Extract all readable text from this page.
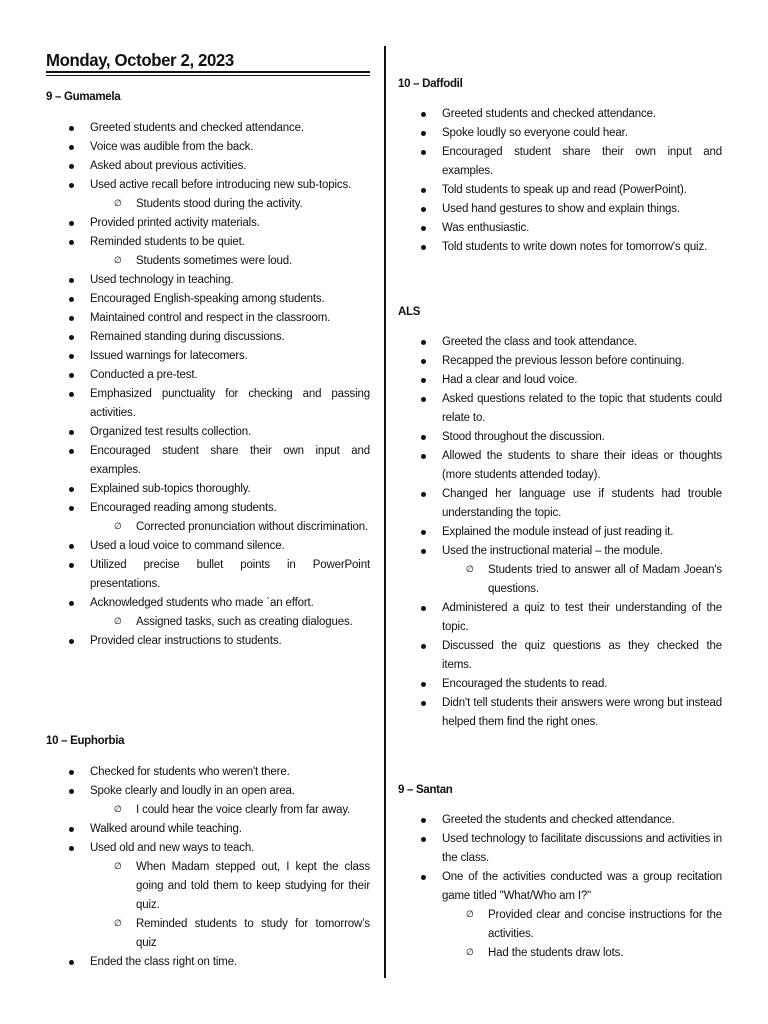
Monday, October 2, 2023
9 – Gumamela
Greeted students and checked attendance.
Voice was audible from the back.
Asked about previous activities.
Used active recall before introducing new sub-topics.
∅ Students stood during the activity.
Provided printed activity materials.
Reminded students to be quiet.
∅ Students sometimes were loud.
Used technology in teaching.
Encouraged English-speaking among students.
Maintained control and respect in the classroom.
Remained standing during discussions.
Issued warnings for latecomers.
Conducted a pre-test.
Emphasized punctuality for checking and passing activities.
Organized test results collection.
Encouraged student share their own input and examples.
Explained sub-topics thoroughly.
Encouraged reading among students.
∅ Corrected pronunciation without discrimination.
Used a loud voice to command silence.
Utilized precise bullet points in PowerPoint presentations.
Acknowledged students who made `an effort.
∅ Assigned tasks, such as creating dialogues.
Provided clear instructions to students.
10 – Euphorbia
Checked for students who weren't there.
Spoke clearly and loudly in an open area.
∅ I could hear the voice clearly from far away.
Walked around while teaching.
Used old and new ways to teach.
∅ When Madam stepped out, I kept the class going and told them to keep studying for their quiz.
∅ Reminded students to study for tomorrow’s quiz
Ended the class right on time.
10 – Daffodil
Greeted students and checked attendance.
Spoke loudly so everyone could hear.
Encouraged student share their own input and examples.
Told students to speak up and read (PowerPoint).
Used hand gestures to show and explain things.
Was enthusiastic.
Told students to write down notes for tomorrow's quiz.
ALS
Greeted the class and took attendance.
Recapped the previous lesson before continuing.
Had a clear and loud voice.
Asked questions related to the topic that students could relate to.
Stood throughout the discussion.
Allowed the students to share their ideas or thoughts (more students attended today).
Changed her language use if students had trouble understanding the topic.
Explained the module instead of just reading it.
Used the instructional material – the module.
∅ Students tried to answer all of Madam Joean's questions.
Administered a quiz to test their understanding of the topic.
Discussed the quiz questions as they checked the items.
Encouraged the students to read.
Didn't tell students their answers were wrong but instead helped them find the right ones.
9 – Santan
Greeted the students and checked attendance.
Used technology to facilitate discussions and activities in the class.
One of the activities conducted was a group recitation game titled "What/Who am I?"
∅ Provided clear and concise instructions for the activities.
∅ Had the students draw lots.
